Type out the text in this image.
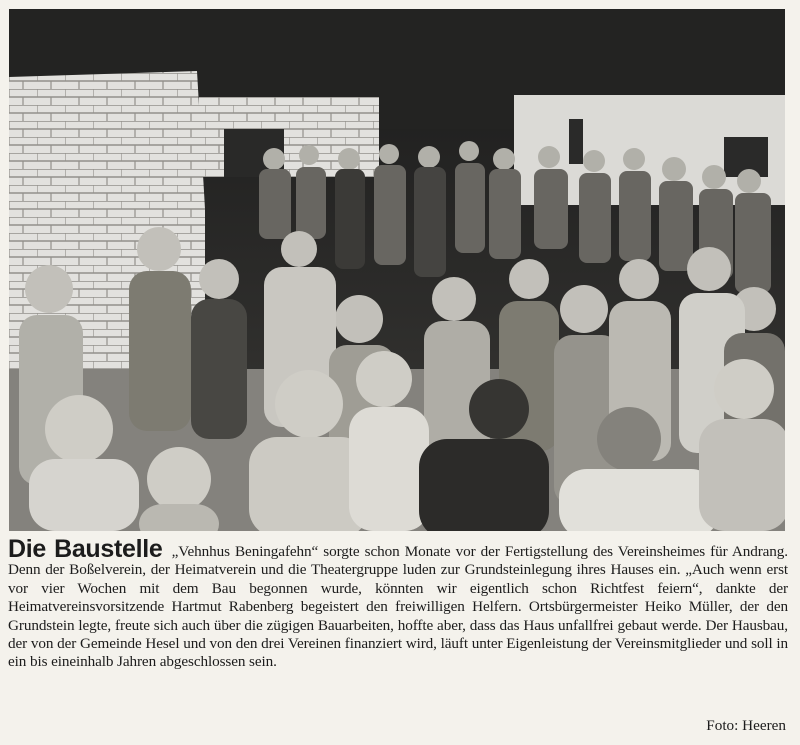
Die Baustelle „Vehnhus Beningafehn“ sorgte schon Monate vor der Fertigstellung des Vereinsheimes für Andrang. Denn der Boßelverein, der Heimatverein und die Theatergruppe luden zur Grundsteinlegung ihres Hauses ein. „Auch wenn erst vor vier Wochen mit dem Bau begonnen wurde, könnten wir eigentlich schon Richtfest feiern“, dankte der Heimatvereinsvorsitzende Hartmut Rabenberg begeistert den freiwilligen Helfern. Ortsbürgermeister Heiko Müller, der den Grundstein legte, freute sich auch über die zügigen Bauarbeiten, hoffte aber, dass das Haus unfallfrei gebaut werde. Der Hausbau, der von der Gemeinde Hesel und von den drei Vereinen finanziert wird, läuft unter Eigenleistung der Vereinsmitglieder und soll in ein bis eineinhalb Jahren abgeschlossen sein.
Foto: Heeren
